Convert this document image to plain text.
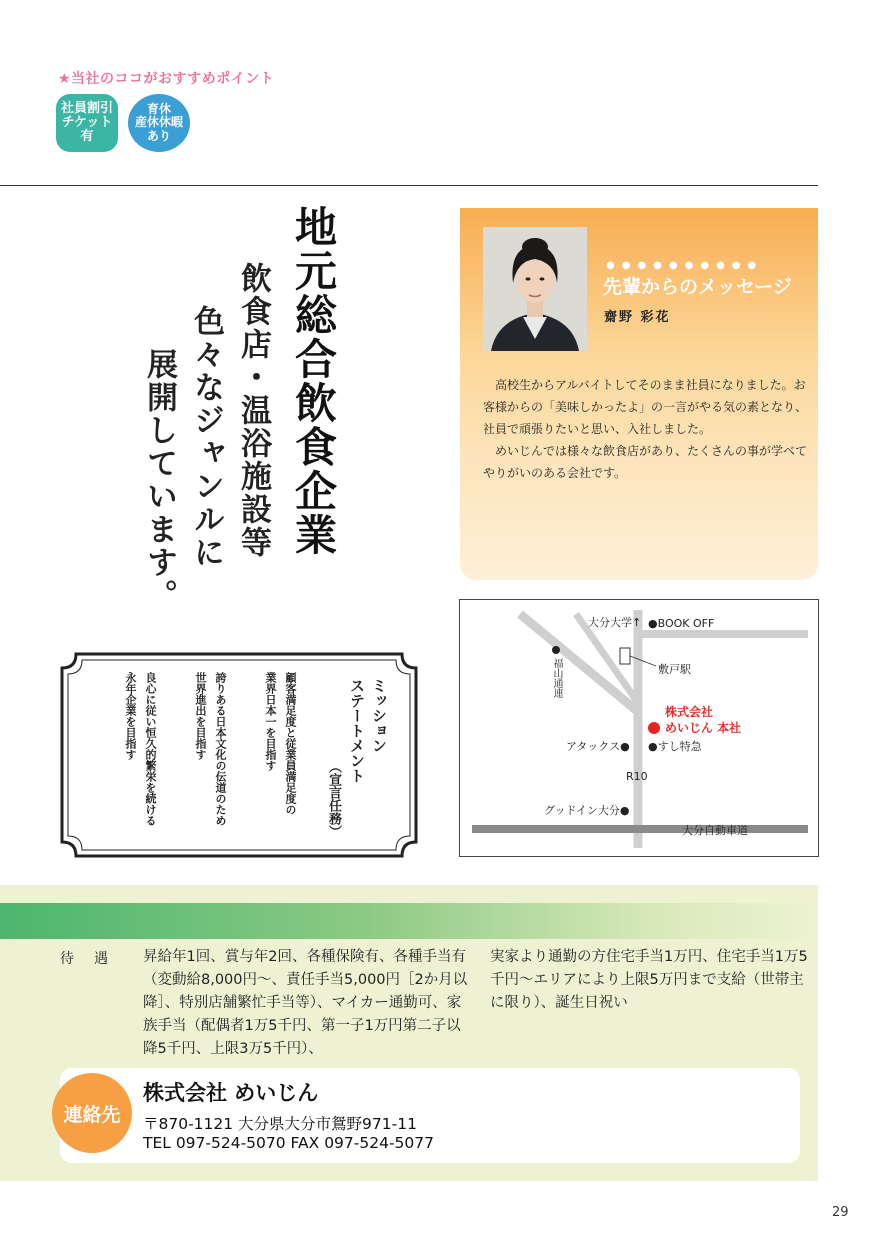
★当社のココがおすすめポイント
社員割引
チケット有
育休
産休休暇
あり
地元総合飲食企業
飲食店・温浴施設等
色々なジャンルに
展開しています。
●●●●●●●●●●
先輩からのメッセージ
齋野 彩花

高校生からアルバイトしてそのまま社員になりました。お客様からの「美味しかったよ」の一言がやる気の素となり、社員で頑張りたいと思い、入社しました。

めいじんでは様々な飲食店があり、たくさんの事が学べてやりがいのある会社です。

ミッション
ステートメント
（宣言任務）
顧客満足度と従業員満足度の
業界日本一を目指す
誇りある日本文化の伝道のため
世界進出を目指す
良心に従い恒久的繁栄を続ける
永年企業を目指す
大分大学↑ ●BOOK OFF
敷戸駅
福山通連
株式会社
めいじん 本社
アタックス● ●すし特急
R10
グッドイン大分●
大分自動車道
待遇 昇給年1回、賞与年2回、各種保険有、各種手当有（変動給8,000円〜、責任手当5,000円［2か月以降］、特別店舗繁忙手当等）、マイカー通勤可、家族手当（配偶者1万5千円、第一子1万円第二子以降5千円、上限3万5千円）、
実家より通勤の方住宅手当1万円、住宅手当1万5千円〜エリアにより上限5万円まで支給（世帯主に限り）、誕生日祝い
連絡先
株式会社 めいじん
〒870-1121 大分県大分市鴛野971-11
TEL 097-524-5070 FAX 097-524-5077
29
